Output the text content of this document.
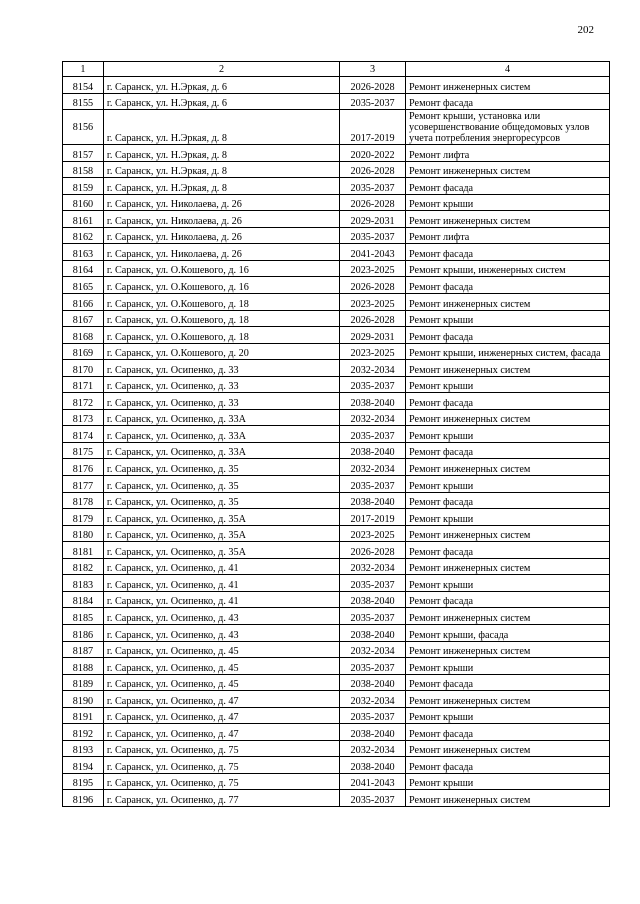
202
1	2	3	4
8154	г. Саранск, ул. Н.Эркая, д. 6	2026-2028	Ремонт инженерных систем
8155	г. Саранск, ул. Н.Эркая, д. 6	2035-2037	Ремонт фасада
8156	г. Саранск, ул. Н.Эркая, д. 8	2017-2019	Ремонт крыши, установка или усовершенствование общедомовых узлов учета потребления энергоресурсов
8157	г. Саранск, ул. Н.Эркая, д. 8	2020-2022	Ремонт лифта
8158	г. Саранск, ул. Н.Эркая, д. 8	2026-2028	Ремонт инженерных систем
8159	г. Саранск, ул. Н.Эркая, д. 8	2035-2037	Ремонт фасада
8160	г. Саранск, ул. Николаева, д. 26	2026-2028	Ремонт крыши
8161	г. Саранск, ул. Николаева, д. 26	2029-2031	Ремонт инженерных систем
8162	г. Саранск, ул. Николаева, д. 26	2035-2037	Ремонт лифта
8163	г. Саранск, ул. Николаева, д. 26	2041-2043	Ремонт фасада
8164	г. Саранск, ул. О.Кошевого, д. 16	2023-2025	Ремонт крыши, инженерных систем
8165	г. Саранск, ул. О.Кошевого, д. 16	2026-2028	Ремонт фасада
8166	г. Саранск, ул. О.Кошевого, д. 18	2023-2025	Ремонт инженерных систем
8167	г. Саранск, ул. О.Кошевого, д. 18	2026-2028	Ремонт крыши
8168	г. Саранск, ул. О.Кошевого, д. 18	2029-2031	Ремонт фасада
8169	г. Саранск, ул. О.Кошевого, д. 20	2023-2025	Ремонт крыши, инженерных систем, фасада
8170	г. Саранск, ул. Осипенко, д. 33	2032-2034	Ремонт инженерных систем
8171	г. Саранск, ул. Осипенко, д. 33	2035-2037	Ремонт крыши
8172	г. Саранск, ул. Осипенко, д. 33	2038-2040	Ремонт фасада
8173	г. Саранск, ул. Осипенко, д. 33А	2032-2034	Ремонт инженерных систем
8174	г. Саранск, ул. Осипенко, д. 33А	2035-2037	Ремонт крыши
8175	г. Саранск, ул. Осипенко, д. 33А	2038-2040	Ремонт фасада
8176	г. Саранск, ул. Осипенко, д. 35	2032-2034	Ремонт инженерных систем
8177	г. Саранск, ул. Осипенко, д. 35	2035-2037	Ремонт крыши
8178	г. Саранск, ул. Осипенко, д. 35	2038-2040	Ремонт фасада
8179	г. Саранск, ул. Осипенко, д. 35А	2017-2019	Ремонт крыши
8180	г. Саранск, ул. Осипенко, д. 35А	2023-2025	Ремонт инженерных систем
8181	г. Саранск, ул. Осипенко, д. 35А	2026-2028	Ремонт фасада
8182	г. Саранск, ул. Осипенко, д. 41	2032-2034	Ремонт инженерных систем
8183	г. Саранск, ул. Осипенко, д. 41	2035-2037	Ремонт крыши
8184	г. Саранск, ул. Осипенко, д. 41	2038-2040	Ремонт фасада
8185	г. Саранск, ул. Осипенко, д. 43	2035-2037	Ремонт инженерных систем
8186	г. Саранск, ул. Осипенко, д. 43	2038-2040	Ремонт крыши, фасада
8187	г. Саранск, ул. Осипенко, д. 45	2032-2034	Ремонт инженерных систем
8188	г. Саранск, ул. Осипенко, д. 45	2035-2037	Ремонт крыши
8189	г. Саранск, ул. Осипенко, д. 45	2038-2040	Ремонт фасада
8190	г. Саранск, ул. Осипенко, д. 47	2032-2034	Ремонт инженерных систем
8191	г. Саранск, ул. Осипенко, д. 47	2035-2037	Ремонт крыши
8192	г. Саранск, ул. Осипенко, д. 47	2038-2040	Ремонт фасада
8193	г. Саранск, ул. Осипенко, д. 75	2032-2034	Ремонт инженерных систем
8194	г. Саранск, ул. Осипенко, д. 75	2038-2040	Ремонт фасада
8195	г. Саранск, ул. Осипенко, д. 75	2041-2043	Ремонт крыши
8196	г. Саранск, ул. Осипенко, д. 77	2035-2037	Ремонт инженерных систем
